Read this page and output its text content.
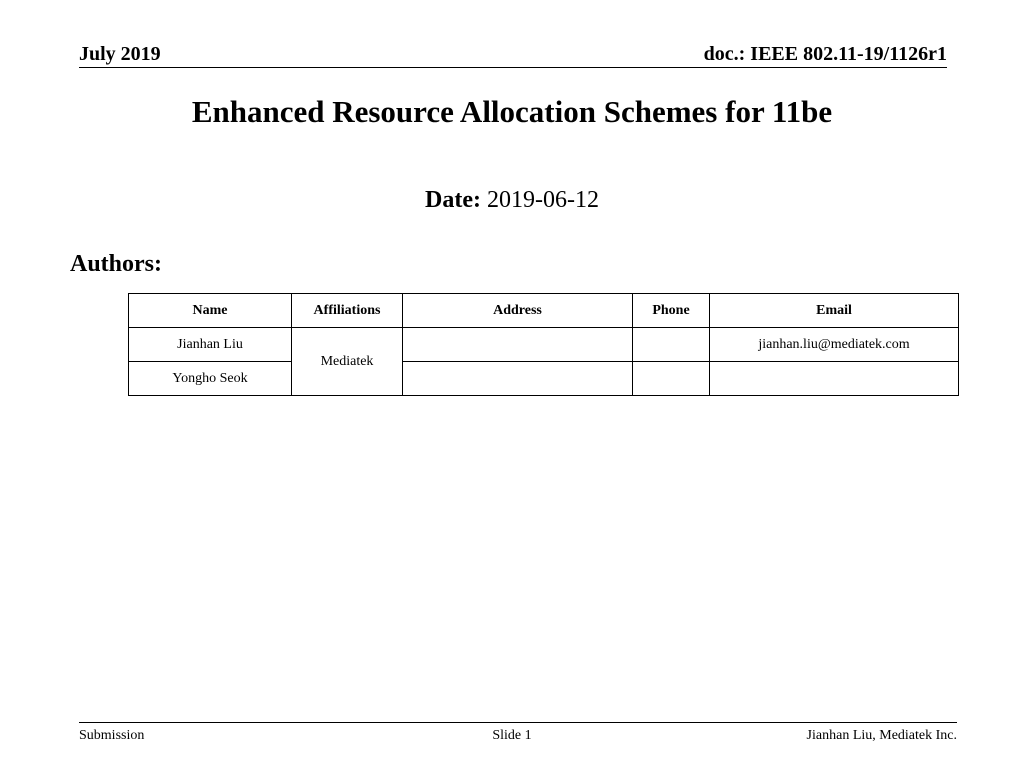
July 2019	doc.: IEEE 802.11-19/1126r1
Enhanced Resource Allocation Schemes for 11be
Date: 2019-06-12
Authors:
Name	Affiliations	Address	Phone	Email
Jianhan Liu	Mediatek			jianhan.liu@mediatek.com
Yongho Seok				
Submission	Slide 1	Jianhan Liu, Mediatek Inc.
